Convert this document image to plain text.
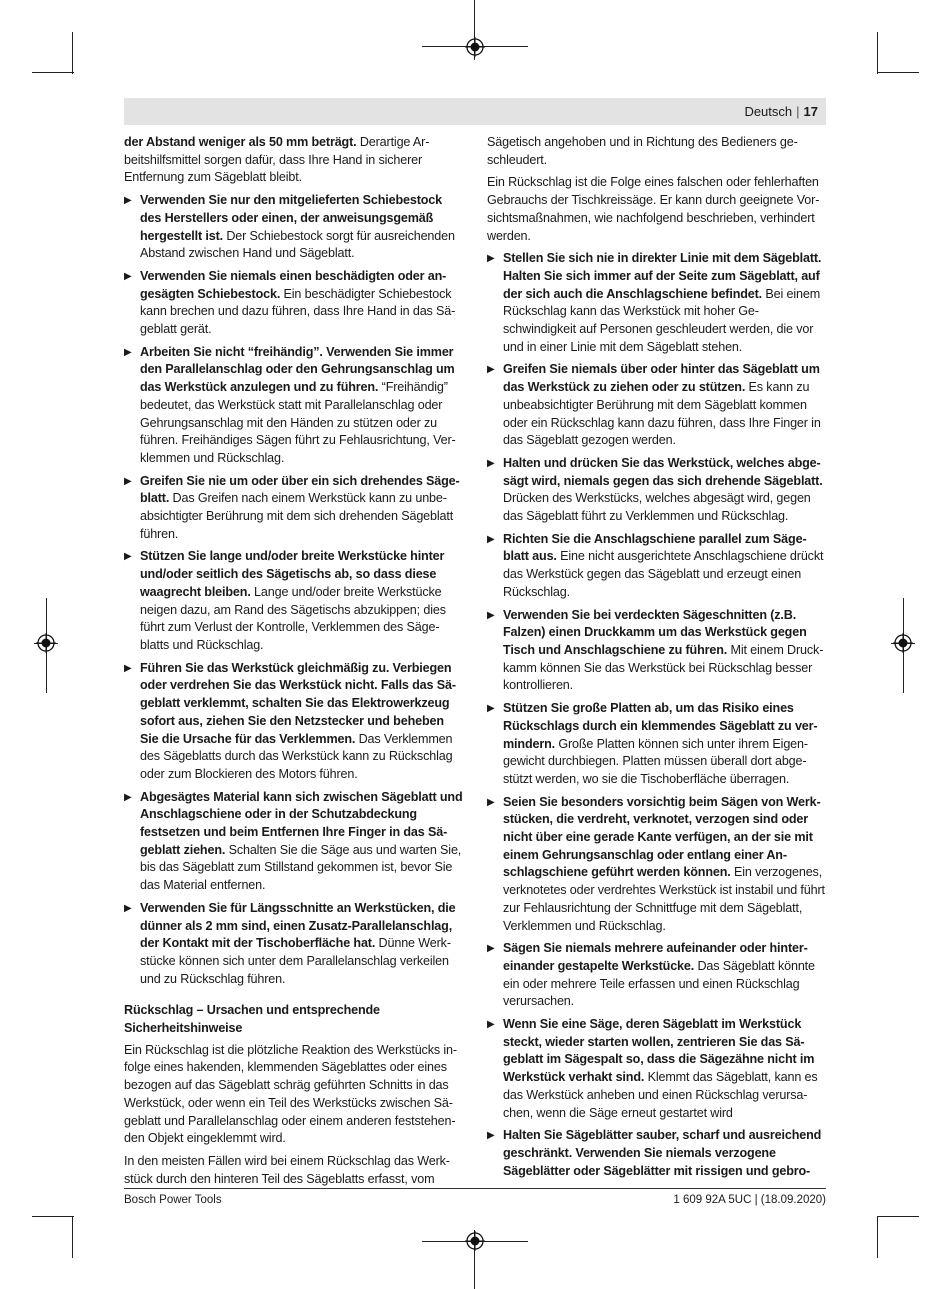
Deutsch | 17
der Abstand weniger als 50 mm beträgt. Derartige Arbeitshilfsmittel sorgen dafür, dass Ihre Hand in sicherer Entfernung zum Sägeblatt bleibt.
▶ Verwenden Sie nur den mitgelieferten Schiebestock des Herstellers oder einen, der anweisungsgemäß hergestellt ist. Der Schiebestock sorgt für ausreichenden Abstand zwischen Hand und Sägeblatt.
▶ Verwenden Sie niemals einen beschädigten oder angesägten Schiebestock. Ein beschädigter Schiebestock kann brechen und dazu führen, dass Ihre Hand in das Sägeblatt gerät.
▶ Arbeiten Sie nicht “freihändig”. Verwenden Sie immer den Parallelanschlag oder den Gehrungsanschlag um das Werkstück anzulegen und zu führen. “Freihändig” bedeutet, das Werkstück statt mit Parallelanschlag oder Gehrungsanschlag mit den Händen zu stützen oder zu führen. Freihändiges Sägen führt zu Fehlausrichtung, Verklemmen und Rückschlag.
▶ Greifen Sie nie um oder über ein sich drehendes Sägeblatt. Das Greifen nach einem Werkstück kann zu unbeabsichtigter Berührung mit dem sich drehenden Sägeblatt führen.
▶ Stützen Sie lange und/oder breite Werkstücke hinter und/oder seitlich des Sägetischs ab, so dass diese waagrecht bleiben. Lange und/oder breite Werkstücke neigen dazu, am Rand des Sägetischs abzukippen; dies führt zum Verlust der Kontrolle, Verklemmen des Sägeblatts und Rückschlag.
▶ Führen Sie das Werkstück gleichmäßig zu. Verbiegen oder verdrehen Sie das Werkstück nicht. Falls das Sägeblatt verklemmt, schalten Sie das Elektrowerkzeug sofort aus, ziehen Sie den Netzstecker und beheben Sie die Ursache für das Verklemmen. Das Verklemmen des Sägeblatts durch das Werkstück kann zu Rückschlag oder zum Blockieren des Motors führen.
▶ Abgesägtes Material kann sich zwischen Sägeblatt und Anschlagschiene oder in der Schutzabdeckung festsetzen und beim Entfernen Ihre Finger in das Sägeblatt ziehen. Schalten Sie die Säge aus und warten Sie, bis das Sägeblatt zum Stillstand gekommen ist, bevor Sie das Material entfernen.
▶ Verwenden Sie für Längsschnitte an Werkstücken, die dünner als 2 mm sind, einen Zusatz-Parallelanschlag, der Kontakt mit der Tischoberfläche hat. Dünne Werkstücke können sich unter dem Parallelanschlag verkeilen und zu Rückschlag führen.
Rückschlag – Ursachen und entsprechende Sicherheitshinweise
Ein Rückschlag ist die plötzliche Reaktion des Werkstücks infolge eines hakenden, klemmenden Sägeblattes oder eines bezogen auf das Sägeblatt schräg geführten Schnitts in das Werkstück, oder wenn ein Teil des Werkstücks zwischen Sägeblatt und Parallelanschlag oder einem anderen feststehenden Objekt eingeklemmt wird.
In den meisten Fällen wird bei einem Rückschlag das Werkstück durch den hinteren Teil des Sägeblatts erfasst, vom
Sägetisch angehoben und in Richtung des Bedieners geschleudert.
Ein Rückschlag ist die Folge eines falschen oder fehlerhaften Gebrauchs der Tischkreissäge. Er kann durch geeignete Vorsichtsmaßnahmen, wie nachfolgend beschrieben, verhindert werden.
▶ Stellen Sie sich nie in direkter Linie mit dem Sägeblatt. Halten Sie sich immer auf der Seite zum Sägeblatt, auf der sich auch die Anschlagschiene befindet. Bei einem Rückschlag kann das Werkstück mit hoher Geschwindigkeit auf Personen geschleudert werden, die vor und in einer Linie mit dem Sägeblatt stehen.
▶ Greifen Sie niemals über oder hinter das Sägeblatt um das Werkstück zu ziehen oder zu stützen. Es kann zu unbeabsichtigter Berührung mit dem Sägeblatt kommen oder ein Rückschlag kann dazu führen, dass Ihre Finger in das Sägeblatt gezogen werden.
▶ Halten und drücken Sie das Werkstück, welches abgesägt wird, niemals gegen das sich drehende Sägeblatt. Drücken des Werkstücks, welches abgesägt wird, gegen das Sägeblatt führt zu Verklemmen und Rückschlag.
▶ Richten Sie die Anschlagschiene parallel zum Sägeblatt aus. Eine nicht ausgerichtete Anschlagschiene drückt das Werkstück gegen das Sägeblatt und erzeugt einen Rückschlag.
▶ Verwenden Sie bei verdeckten Sägeschnitten (z.B. Falzen) einen Druckkamm um das Werkstück gegen Tisch und Anschlagschiene zu führen. Mit einem Druckkamm können Sie das Werkstück bei Rückschlag besser kontrollieren.
▶ Stützen Sie große Platten ab, um das Risiko eines Rückschlags durch ein klemmendes Sägeblatt zu vermindern. Große Platten können sich unter ihrem Eigengewicht durchbiegen. Platten müssen überall dort abgestützt werden, wo sie die Tischoberfläche überragen.
▶ Seien Sie besonders vorsichtig beim Sägen von Werkstücken, die verdreht, verknotet, verzogen sind oder nicht über eine gerade Kante verfügen, an der sie mit einem Gehrungsanschlag oder entlang einer Anschlagschiene geführt werden können. Ein verzogenes, verknotetes oder verdrehtes Werkstück ist instabil und führt zur Fehlausrichtung der Schnittfuge mit dem Sägeblatt, Verklemmen und Rückschlag.
▶ Sägen Sie niemals mehrere aufeinander oder hintereinander gestapelte Werkstücke. Das Sägeblatt könnte ein oder mehrere Teile erfassen und einen Rückschlag verursachen.
▶ Wenn Sie eine Säge, deren Sägeblatt im Werkstück steckt, wieder starten wollen, zentrieren Sie das Sägeblatt im Sägespalt so, dass die Sägezähne nicht im Werkstück verhakt sind. Klemmt das Sägeblatt, kann es das Werkstück anheben und einen Rückschlag verursachen, wenn die Säge erneut gestartet wird
▶ Halten Sie Sägeblätter sauber, scharf und ausreichend geschränkt. Verwenden Sie niemals verzogene Sägeblätter oder Sägeblätter mit rissigen und gebro-
Bosch Power Tools	1 609 92A 5UC | (18.09.2020)
